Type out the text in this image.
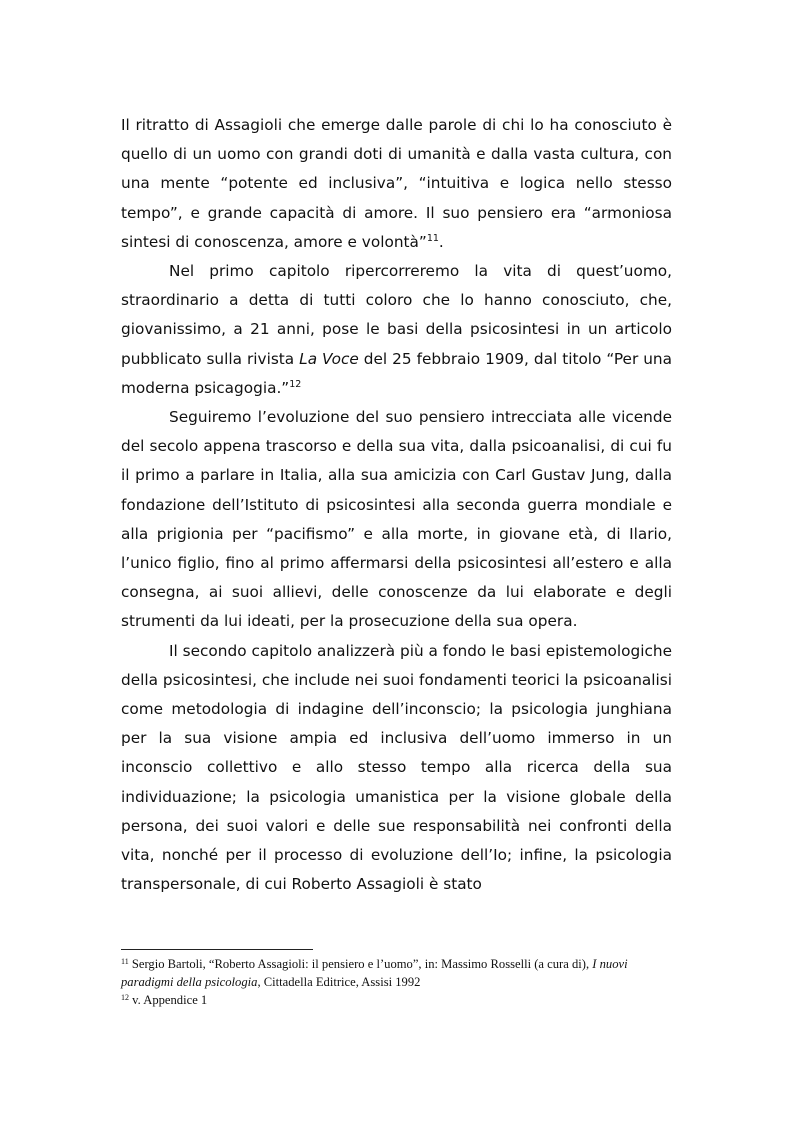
Il ritratto di Assagioli che emerge dalle parole di chi lo ha conosciuto è quello di un uomo con grandi doti di umanità e dalla vasta cultura, con una mente “potente ed inclusiva”, “intuitiva e logica nello stesso tempo”, e grande capacità di amore. Il suo pensiero era “armoniosa sintesi di conoscenza, amore e volontà”$^{11}$.

Nel primo capitolo ripercorreremo la vita di quest’uomo, straordinario a detta di tutti coloro che lo hanno conosciuto, che, giovanissimo, a 21 anni, pose le basi della psicosintesi in un articolo pubblicato sulla rivista La Voce del 25 febbraio 1909, dal titolo “Per una moderna psicagogia.”$^{12}$

Seguiremo l’evoluzione del suo pensiero intrecciata alle vicende del secolo appena trascorso e della sua vita, dalla psicoanalisi, di cui fu il primo a parlare in Italia, alla sua amicizia con Carl Gustav Jung, dalla fondazione dell’Istituto di psicosintesi alla seconda guerra mondiale e alla prigionia per “pacifismo” e alla morte, in giovane età, di Ilario, l’unico figlio, fino al primo affermarsi della psicosintesi all’estero e alla consegna, ai suoi allievi, delle conoscenze da lui elaborate e degli strumenti da lui ideati, per la prosecuzione della sua opera.

Il secondo capitolo analizzerà più a fondo le basi epistemologiche della psicosintesi, che include nei suoi fondamenti teorici la psicoanalisi come metodologia di indagine dell’inconscio; la psicologia junghiana per la sua visione ampia ed inclusiva dell’uomo immerso in un inconscio collettivo e allo stesso tempo alla ricerca della sua individuazione; la psicologia umanistica per la visione globale della persona, dei suoi valori e delle sue responsabilità nei confronti della vita, nonché per il processo di evoluzione dell’Io; infine, la psicologia transpersonale, di cui Roberto Assagioli è stato

$^{11}$ Sergio Bartoli, “Roberto Assagioli: il pensiero e l’uomo”, in: Massimo Rosselli (a cura di), I nuovi paradigmi della psicologia, Cittadella Editrice, Assisi 1992

$^{12}$ v. Appendice 1
